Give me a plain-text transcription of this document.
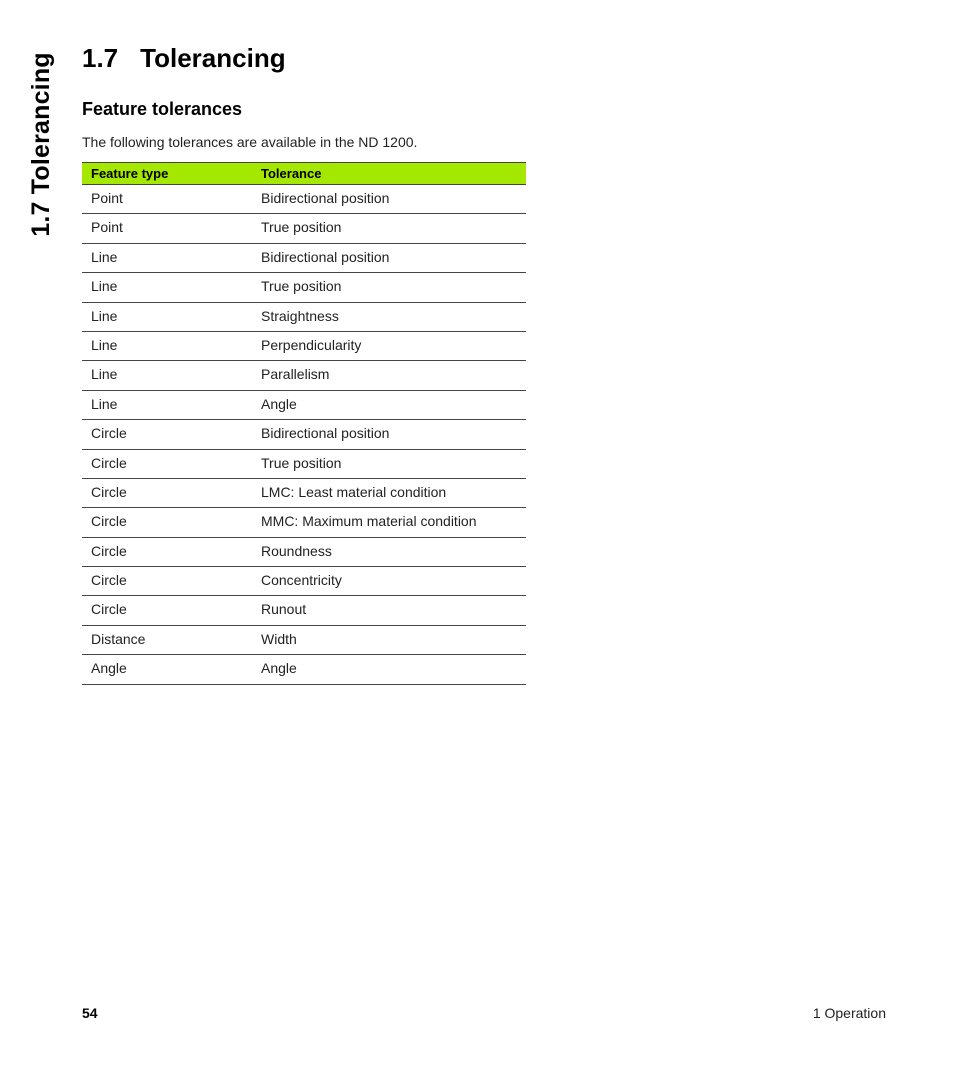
1.7 Tolerancing 1.7 Tolerancing
Feature tolerances

The following tolerances are available in the ND 1200.

Feature type	Tolerance
Point	Bidirectional position
Point	True position
Line	Bidirectional position
Line	True position
Line	Straightness
Line	Perpendicularity
Line	Parallelism
Line	Angle
Circle	Bidirectional position
Circle	True position
Circle	LMC: Least material condition
Circle	MMC: Maximum material condition
Circle	Roundness
Circle	Concentricity
Circle	Runout
Distance	Width
Angle	Angle
54	1 Operation
